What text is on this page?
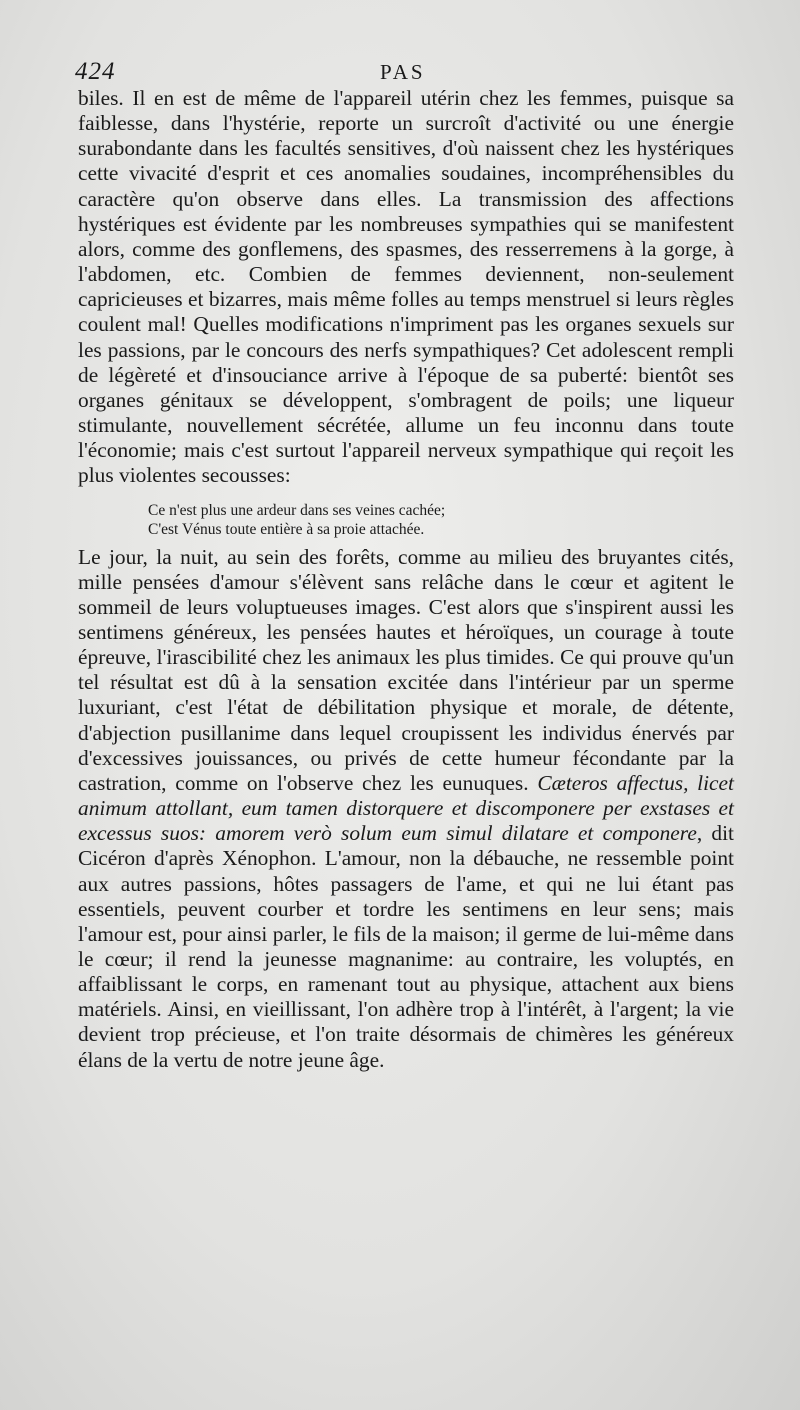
424	PAS

biles. Il en est de même de l'appareil utérin chez les femmes, puisque sa faiblesse, dans l'hystérie, reporte un surcroît d'activité ou une énergie surabondante dans les facultés sensitives, d'où naissent chez les hystériques cette vivacité d'esprit et ces anomalies soudaines, incompréhensibles du caractère qu'on observe dans elles. La transmission des affections hystériques est évidente par les nombreuses sympathies qui se manifestent alors, comme des gonflemens, des spasmes, des resserremens à la gorge, à l'abdomen, etc. Combien de femmes deviennent, non-seulement capricieuses et bizarres, mais même folles au temps menstruel si leurs règles coulent mal! Quelles modifications n'impriment pas les organes sexuels sur les passions, par le concours des nerfs sympathiques? Cet adolescent rempli de légèreté et d'insouciance arrive à l'époque de sa puberté: bientôt ses organes génitaux se développent, s'ombragent de poils; une liqueur stimulante, nouvellement sécrétée, allume un feu inconnu dans toute l'économie; mais c'est surtout l'appareil nerveux sympathique qui reçoit les plus violentes secousses:

Ce n'est plus une ardeur dans ses veines cachée;
C'est Vénus toute entière à sa proie attachée.

Le jour, la nuit, au sein des forêts, comme au milieu des bruyantes cités, mille pensées d'amour s'élèvent sans relâche dans le cœur et agitent le sommeil de leurs voluptueuses images. C'est alors que s'inspirent aussi les sentimens généreux, les pensées hautes et héroïques, un courage à toute épreuve, l'irascibilité chez les animaux les plus timides. Ce qui prouve qu'un tel résultat est dû à la sensation excitée dans l'intérieur par un sperme luxuriant, c'est l'état de débilitation physique et morale, de détente, d'abjection pusillanime dans lequel croupissent les individus énervés par d'excessives jouissances, ou privés de cette humeur fécondante par la castration, comme on l'observe chez les eunuques. Cæteros affectus, licet animum attollant, eum tamen distorquere et discomponere per exstases et excessus suos: amorem verò solum eum simul dilatare et componere, dit Cicéron d'après Xénophon. L'amour, non la débauche, ne ressemble point aux autres passions, hôtes passagers de l'ame, et qui ne lui étant pas essentiels, peuvent courber et tordre les sentimens en leur sens; mais l'amour est, pour ainsi parler, le fils de la maison; il germe de lui-même dans le cœur; il rend la jeunesse magnanime: au contraire, les voluptés, en affaiblissant le corps, en ramenant tout au physique, attachent aux biens matériels. Ainsi, en vieillissant, l'on adhère trop à l'intérêt, à l'argent; la vie devient trop précieuse, et l'on traite désormais de chimères les généreux élans de la vertu de notre jeune âge.
